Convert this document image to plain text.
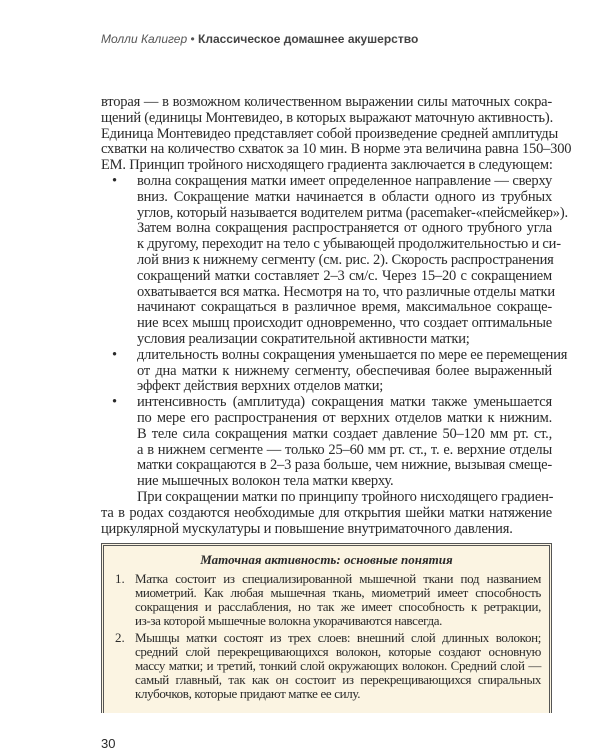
Молли Калигер • Классическое домашнее акушерство
вторая — в возможном количественном выражении силы маточных сокра-
щений (единицы Монтевидео, в которых выражают маточную активность).
Единица Монтевидео представляет собой произведение средней амплитуды
схватки на количество схваток за 10 мин. В норме эта величина равна 150–300
ЕМ. Принцип тройного нисходящего градиента заключается в следующем:
•	волна сокращения матки имеет определенное направление — сверху
вниз. Сокращение матки начинается в области одного из трубных
углов, который называется водителем ритма (pacemaker-«пейсмейкер»).
Затем волна сокращения распространяется от одного трубного угла
к другому, переходит на тело с убывающей продолжительностью и си-
лой вниз к нижнему сегменту (см. рис. 2). Скорость распространения
сокращений матки составляет 2–3 см/с. Через 15–20 с сокращением
охватывается вся матка. Несмотря на то, что различные отделы матки
начинают сокращаться в различное время, максимальное сокраще-
ние всех мышц происходит одновременно, что создает оптимальные
условия реализации сократительной активности матки;
•	длительность волны сокращения уменьшается по мере ее перемещения
от дна матки к нижнему сегменту, обеспечивая более выраженный
эффект действия верхних отделов матки;
•	интенсивность (амплитуда) сокращения матки также уменьшается
по мере его распространения от верхних отделов матки к нижним.
В теле сила сокращения матки создает давление 50–120 мм рт. ст.,
а в нижнем сегменте — только 25–60 мм рт. ст., т. е. верхние отделы
матки сокращаются в 2–3 раза больше, чем нижние, вызывая смеще-
ние мышечных волокон тела матки кверху.
При сокращении матки по принципу тройного нисходящего градиен-
та в родах создаются необходимые для открытия шейки матки натяжение
циркулярной мускулатуры и повышение внутриматочного давления.
Маточная активность: основные понятия
1. Матка состоит из специализированной мышечной ткани под названием
миометрий. Как любая мышечная ткань, миометрий имеет способность
сокращения и расслабления, но так же имеет способность к ретракции,
из-за которой мышечные волокна укорачиваются навсегда.
2. Мышцы матки состоят из трех слоев: внешний слой длинных волокон;
средний слой перекрещивающихся волокон, которые создают основную
массу матки; и третий, тонкий слой окружающих волокон. Средний слой —
самый главный, так как он состоит из перекрещивающихся спиральных
клубочков, которые придают матке ее силу.
30
